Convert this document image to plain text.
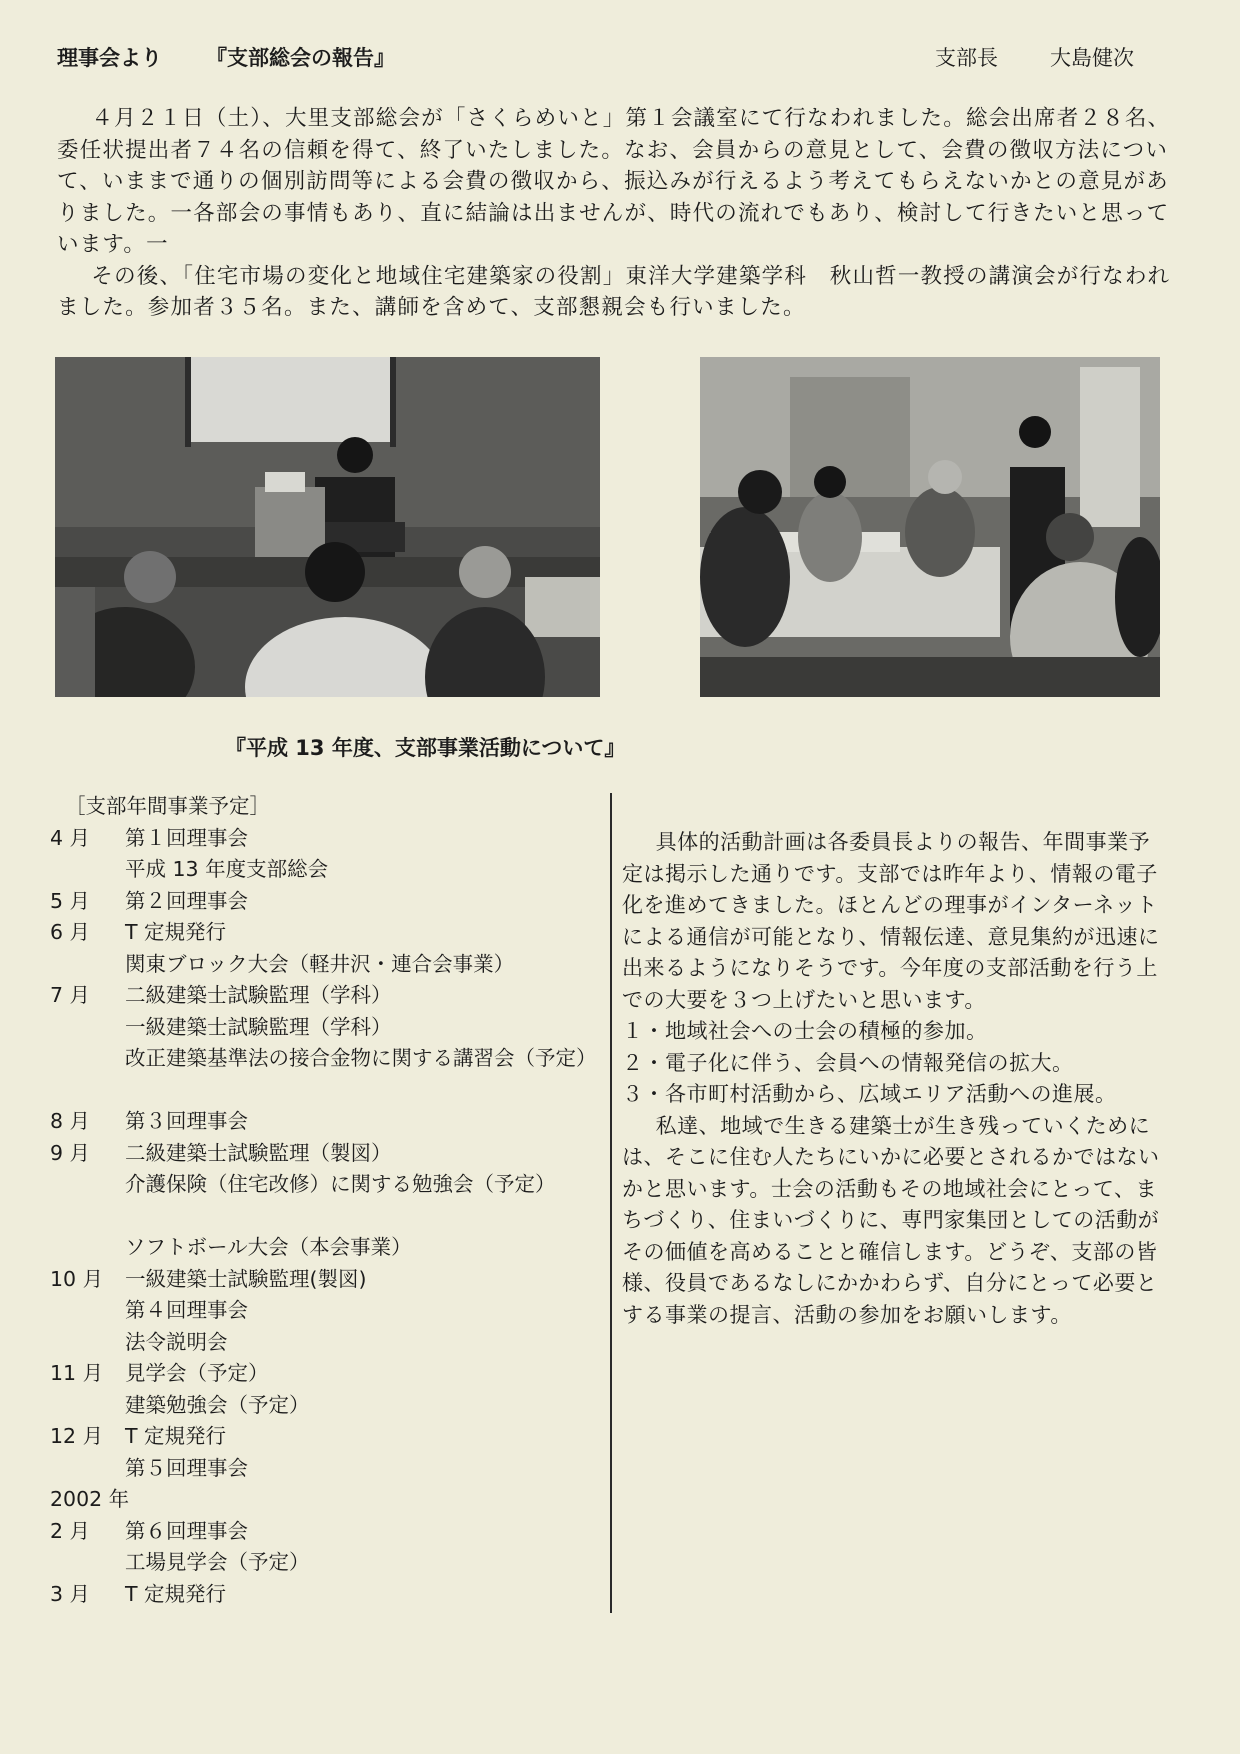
理事会より 『支部総会の報告』	支部長 大島健次

４月２１日（土）、大里支部総会が「さくらめいと」第１会議室にて行なわれました。総会出席者２８名、委任状提出者７４名の信頼を得て、終了いたしました。なお、会員からの意見として、会費の徴収方法について、いままで通りの個別訪問等による会費の徴収から、振込みが行えるよう考えてもらえないかとの意見がありました。一各部会の事情もあり、直に結論は出ませんが、時代の流れでもあり、検討して行きたいと思っています。一

その後、「住宅市場の変化と地域住宅建築家の役割」東洋大学建築学科　秋山哲一教授の講演会が行なわれました。参加者３５名。また、講師を含めて、支部懇親会も行いました。

『平成 13 年度、支部事業活動について』
［支部年間事業予定］
4 月 第１回理事会
平成 13 年度支部総会
5 月 第２回理事会
6 月 T 定規発行
関東ブロック大会（軽井沢・連合会事業）
7 月 二級建築士試験監理（学科）
一級建築士試験監理（学科）
改正建築基準法の接合金物に関する講習会（予定）
8 月 第３回理事会
9 月 二級建築士試験監理（製図）
介護保険（住宅改修）に関する勉強会（予定）
ソフトボール大会（本会事業）
10 月 一級建築士試験監理(製図)
第４回理事会
法令説明会
11 月 見学会（予定）
建築勉強会（予定）
12 月 T 定規発行
第５回理事会
2002 年
2 月 第６回理事会
工場見学会（予定）
3 月 T 定規発行

具体的活動計画は各委員長よりの報告、年間事業予定は掲示した通りです。支部では昨年より、情報の電子化を進めてきました。ほとんどの理事がインターネットによる通信が可能となり、情報伝達、意見集約が迅速に出来るようになりそうです。今年度の支部活動を行う上での大要を３つ上げたいと思います。

１・地域社会への士会の積極的参加。
２・電子化に伴う、会員への情報発信の拡大。
３・各市町村活動から、広域エリア活動への進展。

私達、地域で生きる建築士が生き残っていくためには、そこに住む人たちにいかに必要とされるかではないかと思います。士会の活動もその地域社会にとって、まちづくり、住まいづくりに、専門家集団としての活動がその価値を高めることと確信します。どうぞ、支部の皆様、役員であるなしにかかわらず、自分にとって必要とする事業の提言、活動の参加をお願いします。
